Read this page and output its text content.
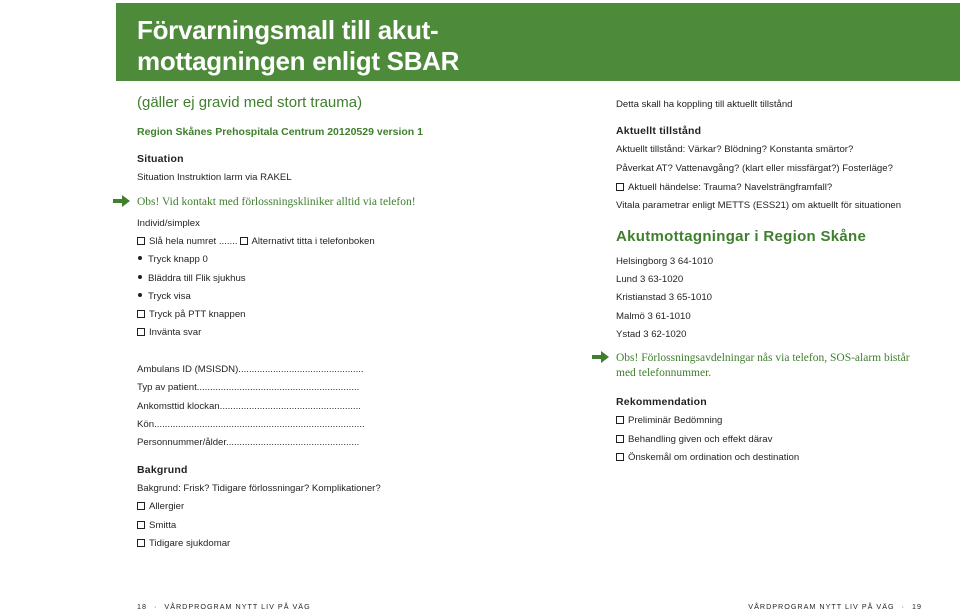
Förvarningsmall till akut-
mottagningen enligt SBAR
(gäller ej gravid med stort trauma)
Region Skånes Prehospitala Centrum 20120529 version 1
Situation
Situation Instruktion larm via RAKEL
Obs! Vid kontakt med förlossningskliniker alltid via telefon!
Individ/simplex
Slå hela numret ....... Alternativt titta i telefonboken
Tryck knapp 0
Bläddra till Flik sjukhus
Tryck visa
Tryck på PTT knappen
Invänta svar
Ambulans ID (MSISDN)...............................................
Typ av patient.............................................................
Ankomsttid klockan.....................................................
Kön...............................................................................
Personnummer/ålder..................................................
Bakgrund
Bakgrund: Frisk? Tidigare förlossningar? Komplikationer?
Allergier
Smitta
Tidigare sjukdomar
Detta skall ha koppling till aktuellt tillstånd
Aktuellt tillstånd
Aktuellt tillstånd: Värkar? Blödning? Konstanta smärtor?
Påverkat AT? Vattenavgång? (klart eller missfärgat?) Fosterläge?
Aktuell händelse: Trauma? Navelsträngframfall?
Vitala parametrar enligt METTS (ESS21) om aktuellt för situationen
Akutmottagningar i Region Skåne
Helsingborg 3 64-1010
Lund 3 63-1020
Kristianstad 3 65-1010
Malmö 3 61-1010
Ystad 3 62-1020
Obs! Förlossningsavdelningar nås via telefon, SOS-alarm bistår
med telefonnummer.
Rekommendation
Preliminär Bedömning
Behandling given och effekt därav
Önskemål om ordination och destination
18 · VÅRDPROGRAM NYTT LIV PÅ VÄG	VÅRDPROGRAM NYTT LIV PÅ VÄG · 19
